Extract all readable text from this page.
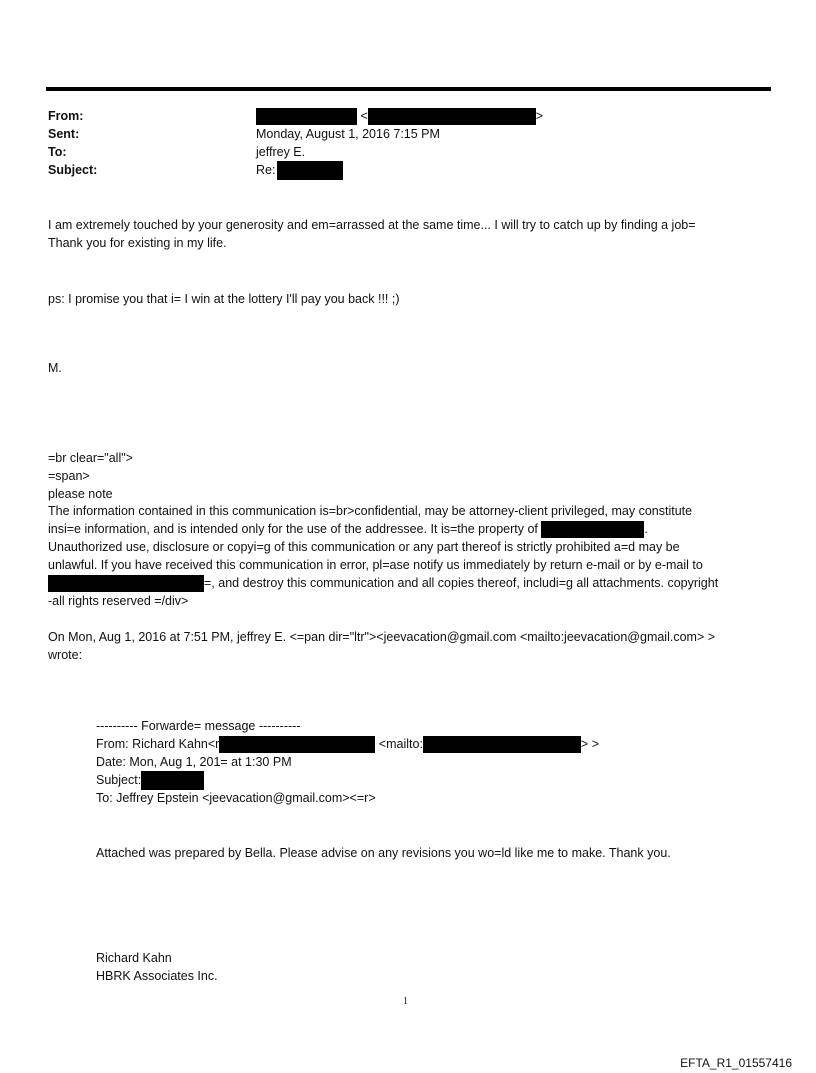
From:	<	>
Sent:	Monday, August 1, 2016 7:15 PM
To:	jeffrey E.
Subject:	Re:
I am extremely touched by your generosity and em=arrassed at the same time... I will try to catch up by finding a job=
Thank you for existing in my life.
ps: I promise you that i= I win at the lottery I'll pay you back !!! ;)
M.
=br clear="all">
=span>
please note
The information contained in this communication is=br>confidential, may be attorney-client privileged, may constitute
insi=e information, and is intended only for the use of the addressee. It is=the property of	.
Unauthorized use, disclosure or copyi=g of this communication or any part thereof is strictly prohibited a=d may be
unlawful. If you have received this communication in error, pl=ase notify us immediately by return e-mail or by e-mail to
=, and destroy this communication and all copies thereof, includi=g all attachments. copyright
-all rights reserved =/div>
On Mon, Aug 1, 2016 at 7:51 PM, jeffrey E. <=pan dir="ltr"><jeevacation@gmail.com <mailto:jeevacation@gmail.com> >
wrote:
---------- Forwarde= message ----------
From: Richard Kahn<r	<mailto:	> >
Date: Mon, Aug 1, 201= at 1:30 PM
Subject:
To: Jeffrey Epstein <jeevacation@gmail.com><=r>
Attached was prepared by Bella. Please advise on any revisions you wo=ld like me to make. Thank you.
Richard Kahn
HBRK Associates Inc.
1
EFTA_R1_01557416
